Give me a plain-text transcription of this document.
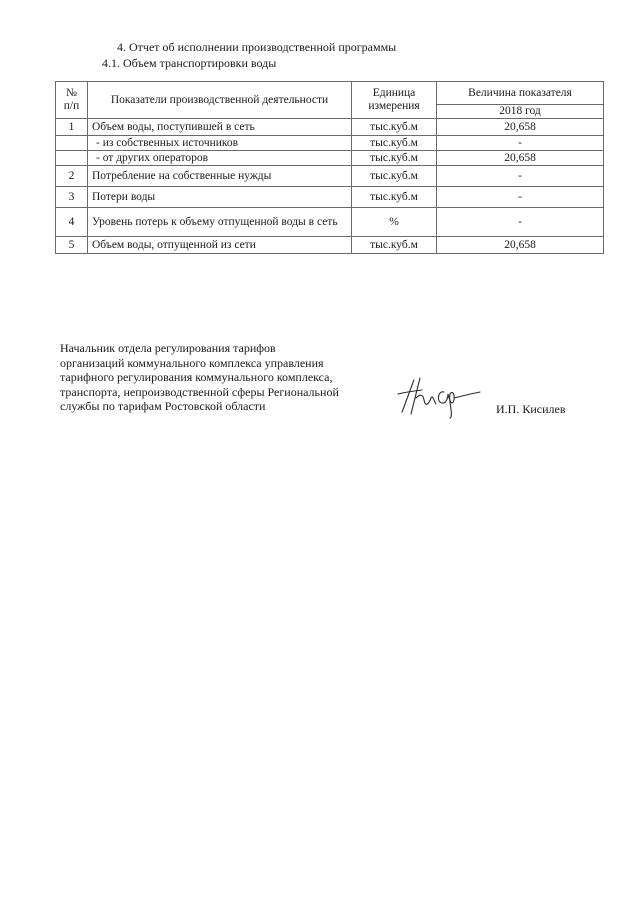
4. Отчет об исполнении производственной программы
4.1. Объем транспортировки воды
№ п/п	Показатели производственной деятельности	Единица измерения	Величина показателя
			2018 год
1	Объем воды, поступившей в сеть	тыс.куб.м	20,658
	- из собственных источников	тыс.куб.м	-
	- от других операторов	тыс.куб.м	20,658
2	Потребление на собственные нужды	тыс.куб.м	-
3	Потери воды	тыс.куб.м	-
4	Уровень потерь к объему отпущенной воды в сеть	%	-
5	Объем воды, отпущенной из сети	тыс.куб.м	20,658
Начальник отдела регулирования тарифов
организаций коммунального комплекса управления
тарифного регулирования коммунального комплекса,
транспорта, непроизводственной сферы Региональной
службы по тарифам Ростовской области	И.П. Кисилев
